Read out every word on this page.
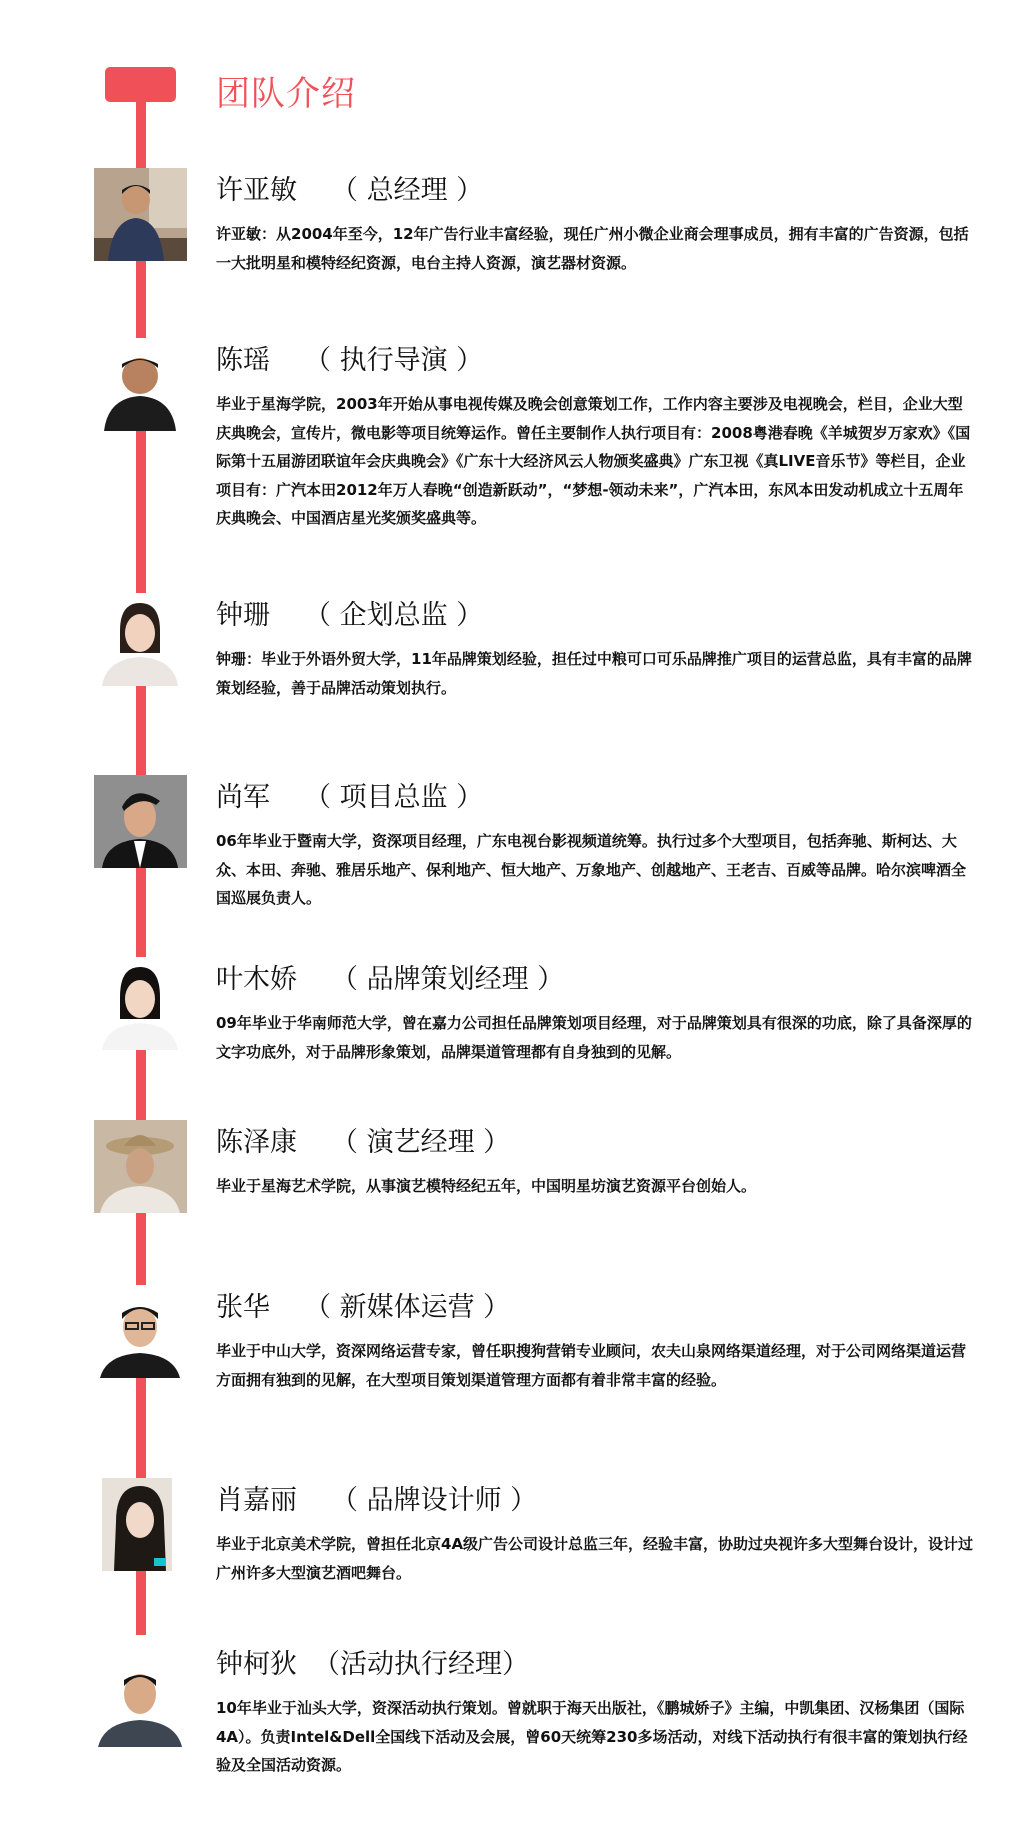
团队介绍
许亚敏 （ 总经理 ）

许亚敏：从2004年至今，12年广告行业丰富经验，现任广州小微企业商会理事成员，拥有丰富的广告资源，包括一大批明星和模特经纪资源，电台主持人资源，演艺器材资源。

陈瑶 （ 执行导演 ）

毕业于星海学院，2003年开始从事电视传媒及晚会创意策划工作，工作内容主要涉及电视晚会，栏目，企业大型庆典晚会，宣传片，微电影等项目统筹运作。曾任主要制作人执行项目有：2008粤港春晚《羊城贺岁万家欢》《国际第十五届游团联谊年会庆典晚会》《广东十大经济风云人物颁奖盛典》广东卫视《真LIVE音乐节》等栏目，企业项目有：广汽本田2012年万人春晚“创造新跃动”，“梦想-领动未来”，广汽本田，东风本田发动机成立十五周年庆典晚会、中国酒店星光奖颁奖盛典等。

钟珊 （ 企划总监 ）

钟珊：毕业于外语外贸大学，11年品牌策划经验，担任过中粮可口可乐品牌推广项目的运营总监，具有丰富的品牌策划经验，善于品牌活动策划执行。

尚军 （ 项目总监 ）

06年毕业于暨南大学，资深项目经理，广东电视台影视频道统筹。执行过多个大型项目，包括奔驰、斯柯达、大众、本田、奔驰、雅居乐地产、保利地产、恒大地产、万象地产、创越地产、王老吉、百威等品牌。哈尔滨啤酒全国巡展负责人。

叶木娇 （ 品牌策划经理 ）

09年毕业于华南师范大学，曾在嘉力公司担任品牌策划项目经理，对于品牌策划具有很深的功底，除了具备深厚的文字功底外，对于品牌形象策划，品牌渠道管理都有自身独到的见解。

陈泽康 （ 演艺经理 ）

毕业于星海艺术学院，从事演艺模特经纪五年，中国明星坊演艺资源平台创始人。

张华 （ 新媒体运营 ）

毕业于中山大学，资深网络运营专家，曾任职搜狗营销专业顾问，农夫山泉网络渠道经理，对于公司网络渠道运营方面拥有独到的见解，在大型项目策划渠道管理方面都有着非常丰富的经验。

肖嘉丽 （ 品牌设计师 ）

毕业于北京美术学院，曾担任北京4A级广告公司设计总监三年，经验丰富，协助过央视许多大型舞台设计，设计过广州许多大型演艺酒吧舞台。

钟柯狄 （活动执行经理）

10年毕业于汕头大学，资深活动执行策划。曾就职于海天出版社，《鹏城娇子》主编，中凯集团、汉杨集团（国际4A）。负责Intel&Dell全国线下活动及会展，曾60天统筹230多场活动，对线下活动执行有很丰富的策划执行经验及全国活动资源。
